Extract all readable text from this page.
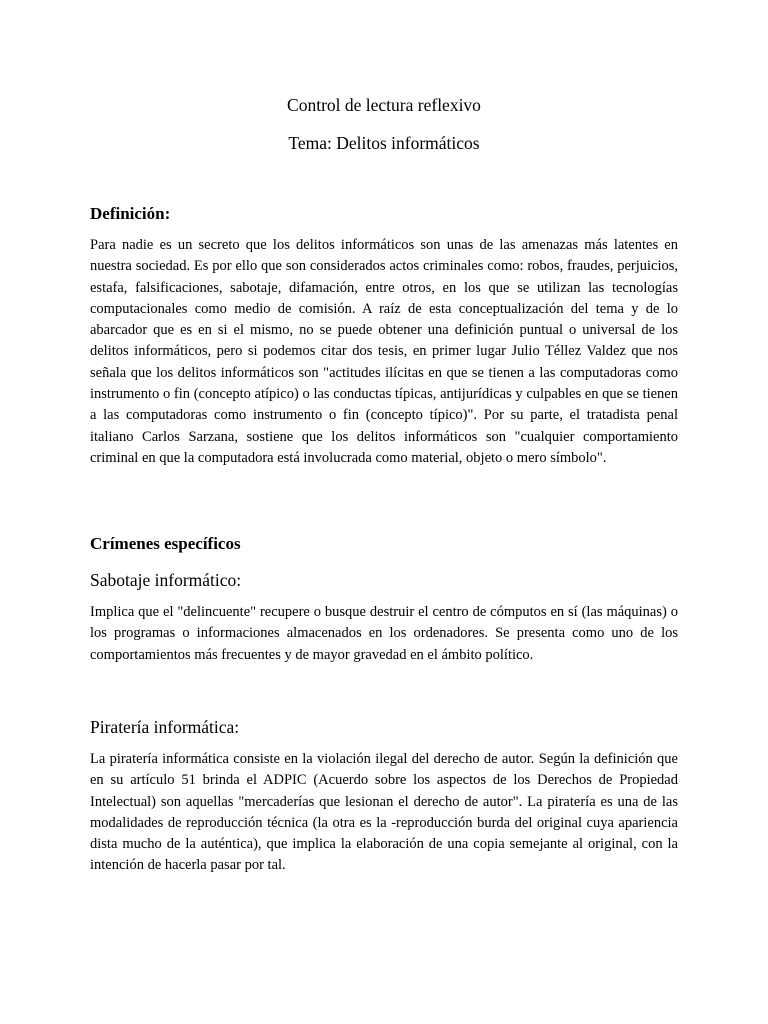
Control de lectura reflexivo
Tema: Delitos informáticos
Definición:

Para nadie es un secreto que los delitos informáticos son unas de las amenazas más latentes en nuestra sociedad. Es por ello que son considerados actos criminales como: robos, fraudes, perjuicios, estafa, falsificaciones, sabotaje, difamación, entre otros, en los que se utilizan las tecnologías computacionales como medio de comisión. A raíz de esta conceptualización del tema y de lo abarcador que es en si el mismo, no se puede obtener una definición puntual o universal de los delitos informáticos, pero si podemos citar dos tesis, en primer lugar Julio Téllez Valdez que nos señala que los delitos informáticos son "actitudes ilícitas en que se tienen a las computadoras como instrumento o fin (concepto atípico) o las conductas típicas, antijurídicas y culpables en que se tienen a las computadoras como instrumento o fin (concepto típico)". Por su parte, el tratadista penal italiano Carlos Sarzana, sostiene que los delitos informáticos son "cualquier comportamiento criminal en que la computadora está involucrada como material, objeto o mero símbolo".

Crímenes específicos
Sabotaje informático:

Implica que el "delincuente" recupere o busque destruir el centro de cómputos en sí (las máquinas) o los programas o informaciones almacenados en los ordenadores. Se presenta como uno de los comportamientos más frecuentes y de mayor gravedad en el ámbito político.

Piratería informática:

La piratería informática consiste en la violación ilegal del derecho de autor. Según la definición que en su artículo 51 brinda el ADPIC (Acuerdo sobre los aspectos de los Derechos de Propiedad Intelectual) son aquellas "mercaderías que lesionan el derecho de autor". La piratería es una de las modalidades de reproducción técnica (la otra es la -reproducción burda del original cuya apariencia dista mucho de la auténtica), que implica la elaboración de una copia semejante al original, con la intención de hacerla pasar por tal.
